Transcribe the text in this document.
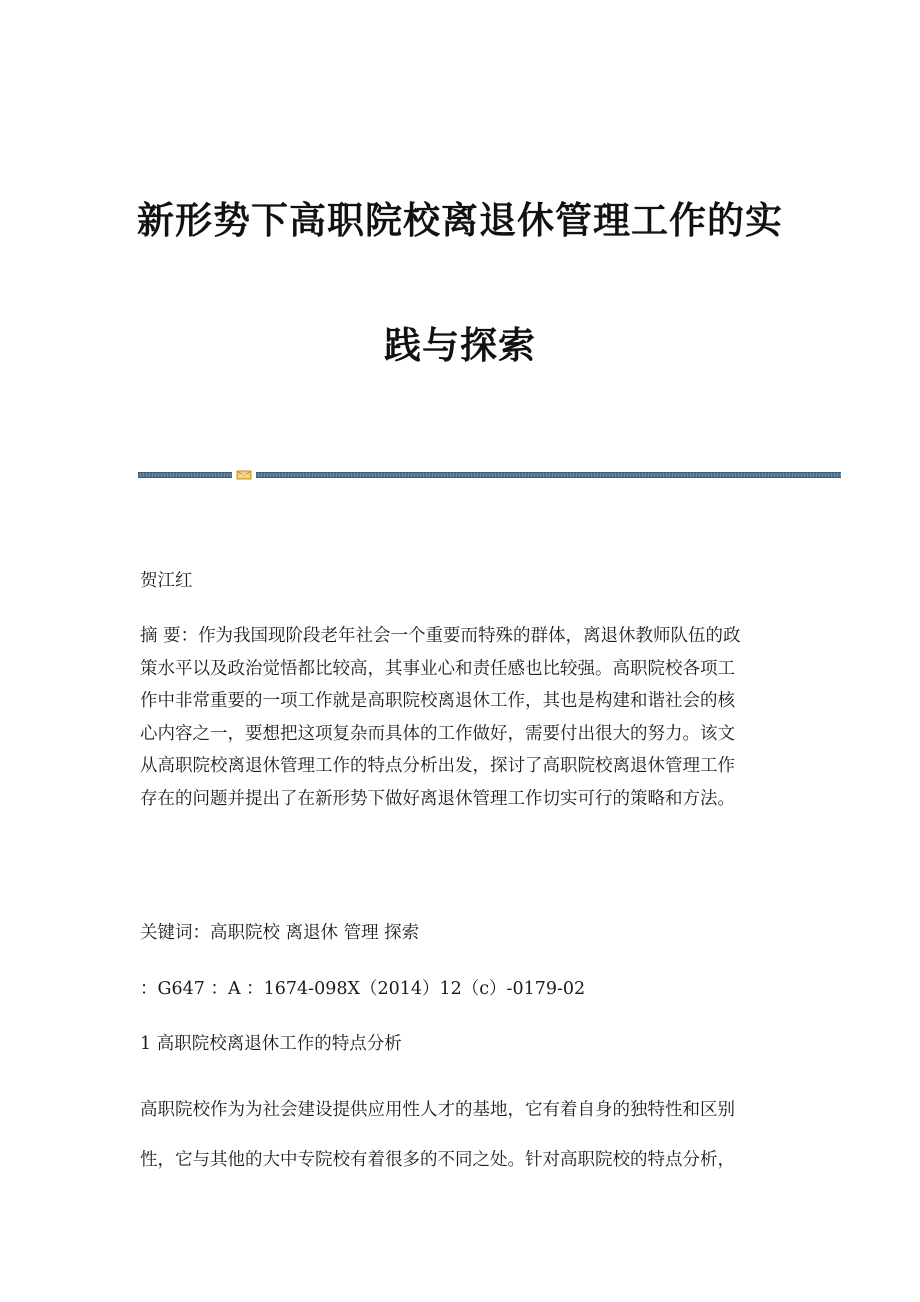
新形势下高职院校离退休管理工作的实
践与探索
贺江红
摘 要：作为我国现阶段老年社会一个重要而特殊的群体，离退休教师队伍的政
策水平以及政治觉悟都比较高，其事业心和责任感也比较强。高职院校各项工
作中非常重要的一项工作就是高职院校离退休工作，其也是构建和谐社会的核
心内容之一，要想把这项复杂而具体的工作做好，需要付出很大的努力。该文
从高职院校离退休管理工作的特点分析出发，探讨了高职院校离退休管理工作
存在的问题并提出了在新形势下做好离退休管理工作切实可行的策略和方法。
关键词：高职院校 离退休 管理 探索
：G647 ：A ：1674-098X（2014）12（c）-0179-02
1 高职院校离退休工作的特点分析
高职院校作为为社会建设提供应用性人才的基地，它有着自身的独特性和区别
性，它与其他的大中专院校有着很多的不同之处。针对高职院校的特点分析，
